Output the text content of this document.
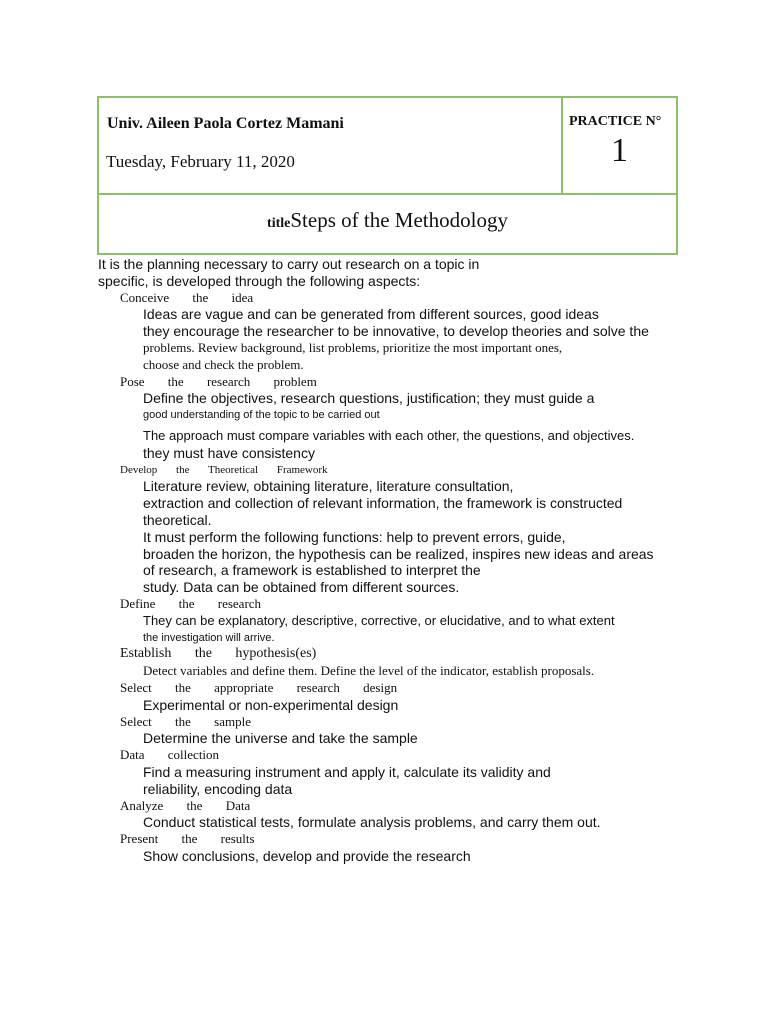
Univ. Aileen Paola Cortez Mamani
Tuesday, February 11, 2020
PRACTICE N°
1
titleSteps of the Methodology
It is the planning necessary to carry out research on a topic in
specific, is developed through the following aspects:
Conceive the idea
Ideas are vague and can be generated from different sources, good ideas
they encourage the researcher to be innovative, to develop theories and solve the
problems. Review background, list problems, prioritize the most important ones,
choose and check the problem.
Pose the research problem
Define the objectives, research questions, justification; they must guide a
good understanding of the topic to be carried out
The approach must compare variables with each other, the questions, and objectives.
they must have consistency
Develop the Theoretical Framework
Literature review, obtaining literature, literature consultation,
extraction and collection of relevant information, the framework is constructed
theoretical.
It must perform the following functions: help to prevent errors, guide,
broaden the horizon, the hypothesis can be realized, inspires new ideas and areas
of research, a framework is established to interpret the
study. Data can be obtained from different sources.
Define the research
They can be explanatory, descriptive, corrective, or elucidative, and to what extent
the investigation will arrive.
Establish the hypothesis(es)
Detect variables and define them. Define the level of the indicator, establish proposals.
Select the appropriate research design
Experimental or non-experimental design
Select the sample
Determine the universe and take the sample
Data collection
Find a measuring instrument and apply it, calculate its validity and
reliability, encoding data
Analyze the Data
Conduct statistical tests, formulate analysis problems, and carry them out.
Present the results
Show conclusions, develop and provide the research
